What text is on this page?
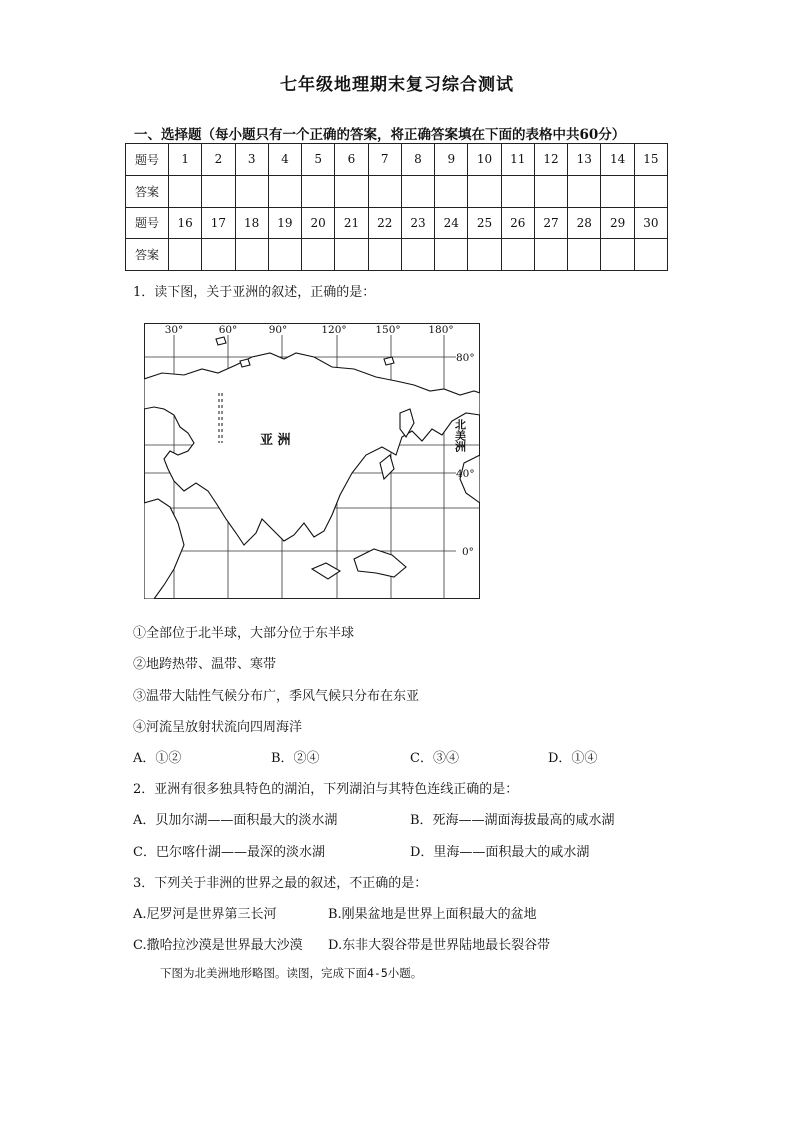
七年级地理期末复习综合测试
一、选择题（每小题只有一个正确的答案，将正确答案填在下面的表格中共60分）
题号	1	2	3	4	5	6	7	8	9	10	11	12	13	14	15
答案															
题号	16	17	18	19	20	21	22	23	24	25	26	27	28	29	30
答案															
1．读下图，关于亚洲的叙述，正确的是：
30°	60°	90°	120°	150°	180°
80°
40°
0°
亚 洲	北美洲
①全部位于北半球，大部分位于东半球
②地跨热带、温带、寒带
③温带大陆性气候分布广，季风气候只分布在东亚
④河流呈放射状流向四周海洋
A．①②	B．②④	C．③④	D．①④
2．亚洲有很多独具特色的湖泊，下列湖泊与其特色连线正确的是：
A．贝加尔湖——面积最大的淡水湖	B．死海——湖面海拔最高的咸水湖
C．巴尔喀什湖——最深的淡水湖	D．里海——面积最大的咸水湖
3．下列关于非洲的世界之最的叙述，不正确的是：
A.尼罗河是世界第三长河	B.刚果盆地是世界上面积最大的盆地
C.撒哈拉沙漠是世界最大沙漠 D.东非大裂谷带是世界陆地最长裂谷带
下图为北美洲地形略图。读图，完成下面4-5小题。
